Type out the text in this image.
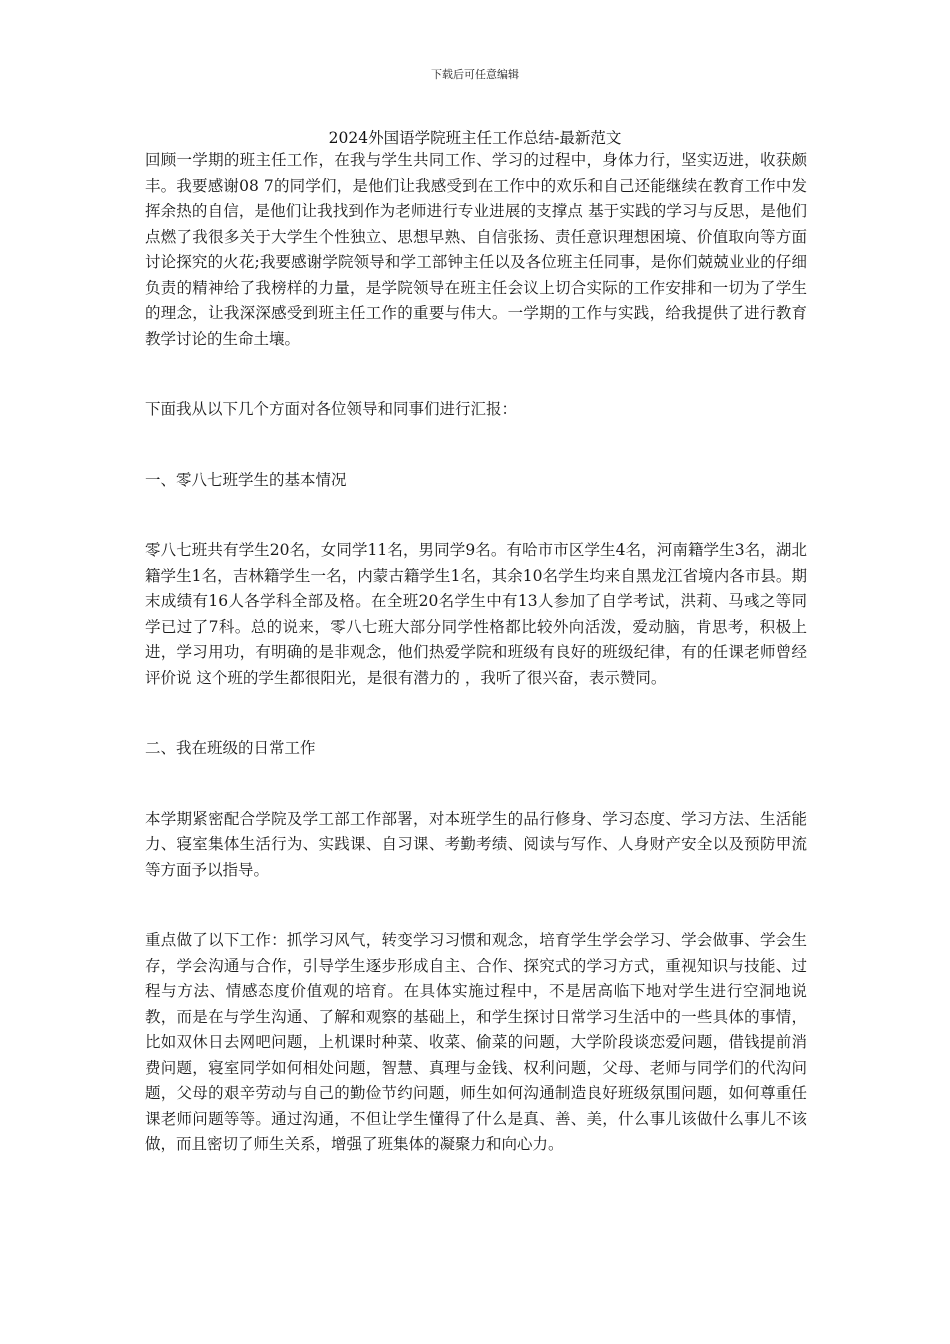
下载后可任意编辑
2024外国语学院班主任工作总结-最新范文

回顾一学期的班主任工作，在我与学生共同工作、学习的过程中，身体力行，坚实迈进，收获颇丰。我要感谢08 7的同学们，是他们让我感受到在工作中的欢乐和自己还能继续在教育工作中发挥余热的自信，是他们让我找到作为老师进行专业进展的支撑点 基于实践的学习与反思，是他们点燃了我很多关于大学生个性独立、思想早熟、自信张扬、责任意识理想困境、价值取向等方面讨论探究的火花;我要感谢学院领导和学工部钟主任以及各位班主任同事，是你们兢兢业业的仔细负责的精神给了我榜样的力量，是学院领导在班主任会议上切合实际的工作安排和一切为了学生的理念，让我深深感受到班主任工作的重要与伟大。一学期的工作与实践，给我提供了进行教育教学讨论的生命土壤。

下面我从以下几个方面对各位领导和同事们进行汇报：

一、零八七班学生的基本情况

零八七班共有学生20名，女同学11名，男同学9名。有哈市市区学生4名，河南籍学生3名，湖北籍学生1名，吉林籍学生一名，内蒙古籍学生1名，其余10名学生均来自黑龙江省境内各市县。期末成绩有16人各学科全部及格。在全班20名学生中有13人参加了自学考试，洪莉、马彧之等同学已过了7科。总的说来，零八七班大部分同学性格都比较外向活泼，爱动脑，肯思考，积极上进，学习用功，有明确的是非观念，他们热爱学院和班级有良好的班级纪律，有的任课老师曾经评价说 这个班的学生都很阳光，是很有潜力的 ，我听了很兴奋，表示赞同。

二、我在班级的日常工作

本学期紧密配合学院及学工部工作部署，对本班学生的品行修身、学习态度、学习方法、生活能力、寝室集体生活行为、实践课、自习课、考勤考绩、阅读与写作、人身财产安全以及预防甲流等方面予以指导。

重点做了以下工作：抓学习风气，转变学习习惯和观念，培育学生学会学习、学会做事、学会生存，学会沟通与合作，引导学生逐步形成自主、合作、探究式的学习方式，重视知识与技能、过程与方法、情感态度价值观的培育。在具体实施过程中，不是居高临下地对学生进行空洞地说教，而是在与学生沟通、了解和观察的基础上，和学生探讨日常学习生活中的一些具体的事情，比如双休日去网吧问题，上机课时种菜、收菜、偷菜的问题，大学阶段谈恋爱问题，借钱提前消费问题，寝室同学如何相处问题，智慧、真理与金钱、权利问题，父母、老师与同学们的代沟问题，父母的艰辛劳动与自己的勤俭节约问题，师生如何沟通制造良好班级氛围问题，如何尊重任课老师问题等等。通过沟通，不但让学生懂得了什么是真、善、美，什么事儿该做什么事儿不该做，而且密切了师生关系，增强了班集体的凝聚力和向心力。
